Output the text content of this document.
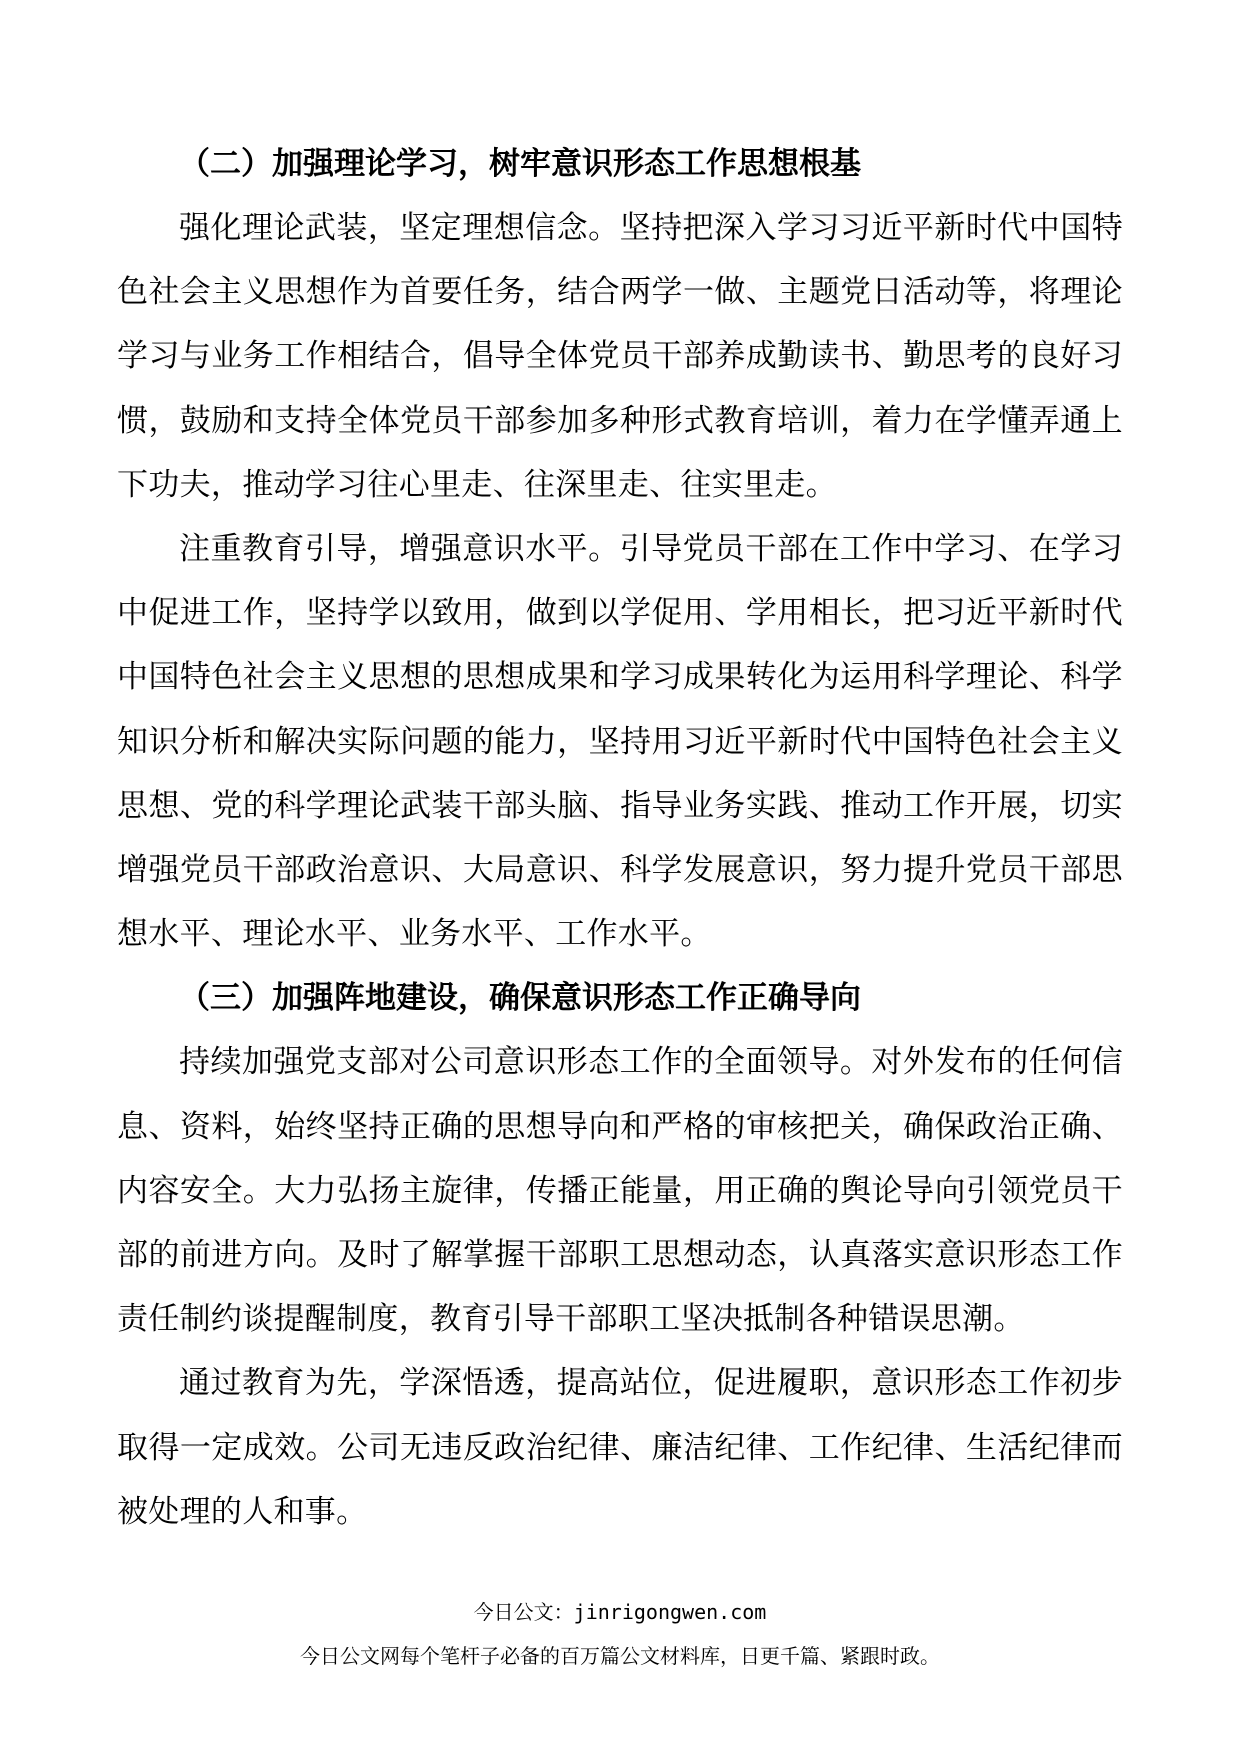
（二）加强理论学习，树牢意识形态工作思想根基

强化理论武装，坚定理想信念。坚持把深入学习习近平新时代中国特色社会主义思想作为首要任务，结合两学一做、主题党日活动等，将理论学习与业务工作相结合，倡导全体党员干部养成勤读书、勤思考的良好习惯，鼓励和支持全体党员干部参加多种形式教育培训，着力在学懂弄通上下功夫，推动学习往心里走、往深里走、往实里走。

注重教育引导，增强意识水平。引导党员干部在工作中学习、在学习中促进工作，坚持学以致用，做到以学促用、学用相长，把习近平新时代中国特色社会主义思想的思想成果和学习成果转化为运用科学理论、科学知识分析和解决实际问题的能力，坚持用习近平新时代中国特色社会主义思想、党的科学理论武装干部头脑、指导业务实践、推动工作开展，切实增强党员干部政治意识、大局意识、科学发展意识，努力提升党员干部思想水平、理论水平、业务水平、工作水平。

（三）加强阵地建设，确保意识形态工作正确导向

持续加强党支部对公司意识形态工作的全面领导。对外发布的任何信息、资料，始终坚持正确的思想导向和严格的审核把关，确保政治正确、内容安全。大力弘扬主旋律，传播正能量，用正确的舆论导向引领党员干部的前进方向。及时了解掌握干部职工思想动态，认真落实意识形态工作责任制约谈提醒制度，教育引导干部职工坚决抵制各种错误思潮。

通过教育为先，学深悟透，提高站位，促进履职，意识形态工作初步取得一定成效。公司无违反政治纪律、廉洁纪律、工作纪律、生活纪律而被处理的人和事。

今日公文：jinrigongwen.com
今日公文网每个笔杆子必备的百万篇公文材料库，日更千篇、紧跟时政。
